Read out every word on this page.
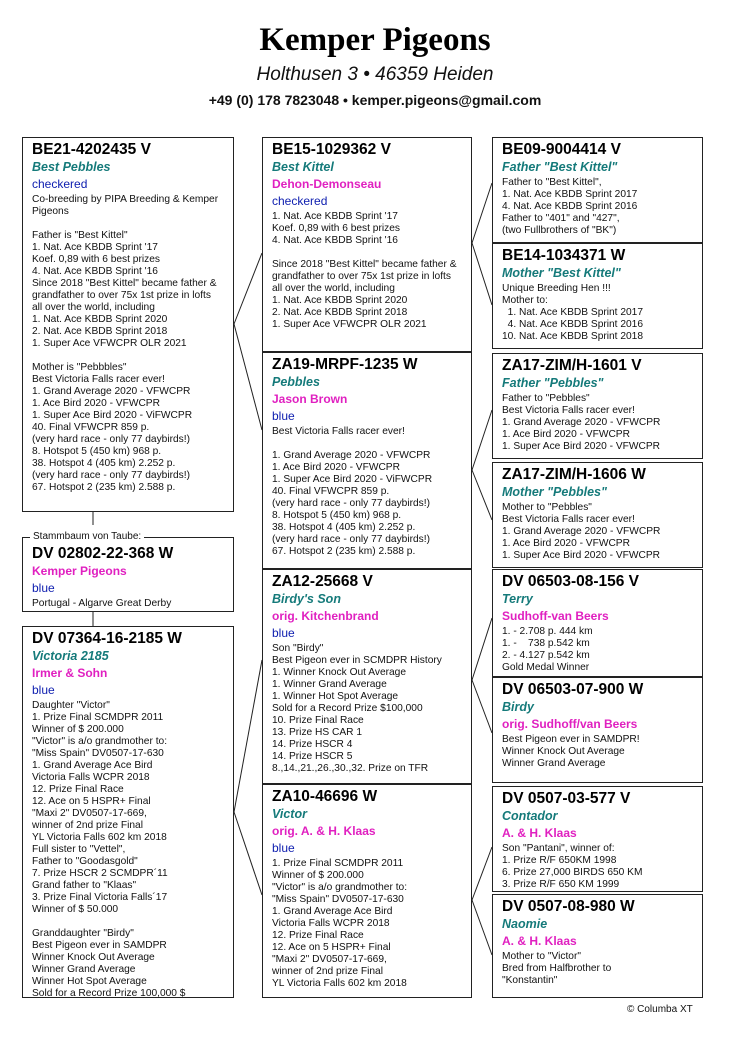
Kemper Pigeons
Holthusen 3 • 46359 Heiden
+49 (0) 178 7823048 • kemper.pigeons@gmail.com
BE21-4202435 V
Best Pebbles
checkered
Co-breeding by PIPA Breeding & Kemper
Pigeons

Father is "Best Kittel"
1. Nat. Ace KBDB Sprint '17
Koef. 0,89 with 6 best prizes
4. Nat. Ace KBDB Sprint '16
Since 2018 "Best Kittel" became father &
grandfather to over 75x 1st prize in lofts
all over the world, including
1. Nat. Ace KBDB Sprint 2020
2. Nat. Ace KBDB Sprint 2018
1. Super Ace VFWCPR OLR 2021

Mother is "Pebbbles"
Best Victoria Falls racer ever!
1. Grand Average 2020 - VFWCPR
1. Ace Bird 2020 - VFWCPR
1. Super Ace Bird 2020 - ViFWCPR
40. Final VFWCPR 859 p.
(very hard race - only 77 daybirds!)
8. Hotspot 5 (450 km) 968 p.
38. Hotspot 4 (405 km) 2.252 p.
(very hard race - only 77 daybirds!)
67. Hotspot 2 (235 km) 2.588 p.
DV 02802-22-368 W
Kemper Pigeons
blue
Portugal - Algarve Great Derby
Stammbaum von Taube:
DV 07364-16-2185 W
Victoria 2185
Irmer & Sohn
blue
Daughter "Victor"
1. Prize Final SCMDPR 2011
Winner of $ 200.000
"Victor" is a/o grandmother to:
"Miss Spain" DV0507-17-630
1. Grand Average Ace Bird
Victoria Falls WCPR 2018
12. Prize Final Race
12. Ace on 5 HSPR+ Final
"Maxi 2" DV0507-17-669,
winner of 2nd prize Final
YL Victoria Falls 602 km 2018
Full sister to "Vettel",
Father to "Goodasgold"
7. Prize HSCR 2 SCMDPR´11
Grand father to "Klaas"
3. Prize Final Victoria Falls´17
Winner of $ 50.000

Granddaughter "Birdy"
Best Pigeon ever in SAMDPR
Winner Knock Out Average
Winner Grand Average
Winner Hot Spot Average
Sold for a Record Prize 100,000 $
BE15-1029362 V
Best Kittel
Dehon-Demonseau
checkered
1. Nat. Ace KBDB Sprint '17
Koef. 0,89 with 6 best prizes
4. Nat. Ace KBDB Sprint '16

Since 2018 "Best Kittel" became father &
grandfather to over 75x 1st prize in lofts
all over the world, including
1. Nat. Ace KBDB Sprint 2020
2. Nat. Ace KBDB Sprint 2018
1. Super Ace VFWCPR OLR 2021
ZA19-MRPF-1235 W
Pebbles
Jason Brown
blue
Best Victoria Falls racer ever!

1. Grand Average 2020 - VFWCPR
1. Ace Bird 2020 - VFWCPR
1. Super Ace Bird 2020 - ViFWCPR
40. Final VFWCPR 859 p.
(very hard race - only 77 daybirds!)
8. Hotspot 5 (450 km) 968 p.
38. Hotspot 4 (405 km) 2.252 p.
(very hard race - only 77 daybirds!)
67. Hotspot 2 (235 km) 2.588 p.
ZA12-25668 V
Birdy's Son
orig. Kitchenbrand
blue
Son "Birdy"
Best Pigeon ever in SCMDPR History
1. Winner Knock Out Average
1. Winner Grand Average
1. Winner Hot Spot Average
Sold for a Record Prize $100,000
10. Prize Final Race
13. Prize HS CAR 1
14. Prize HSCR 4
14. Prize HSCR 5
8.,14.,21.,26.,30.,32. Prize on TFR
ZA10-46696 W
Victor
orig. A. & H. Klaas
blue
1. Prize Final SCMDPR 2011
Winner of $ 200.000
"Victor" is a/o grandmother to:
"Miss Spain" DV0507-17-630
1. Grand Average Ace Bird
Victoria Falls WCPR 2018
12. Prize Final Race
12. Ace on 5 HSPR+ Final
"Maxi 2" DV0507-17-669,
winner of 2nd prize Final
YL Victoria Falls 602 km 2018
BE09-9004414 V
Father "Best Kittel"
Father to "Best Kittel",
1. Nat. Ace KBDB Sprint 2017
4. Nat. Ace KBDB Sprint 2016
Father to "401" and "427",
(two Fullbrothers of "BK")
BE14-1034371 W
Mother "Best Kittel"
Unique Breeding Hen !!!
Mother to:
1. Nat. Ace KBDB Sprint 2017
4. Nat. Ace KBDB Sprint 2016
10. Nat. Ace KBDB Sprint 2018
ZA17-ZIM/H-1601 V
Father "Pebbles"
Father to "Pebbles"
Best Victoria Falls racer ever!
1. Grand Average 2020 - VFWCPR
1. Ace Bird 2020 - VFWCPR
1. Super Ace Bird 2020 - VFWCPR
ZA17-ZIM/H-1606 W
Mother "Pebbles"
Mother to "Pebbles"
Best Victoria Falls racer ever!
1. Grand Average 2020 - VFWCPR
1. Ace Bird 2020 - VFWCPR
1. Super Ace Bird 2020 - VFWCPR
DV 06503-08-156 V
Terry
Sudhoff-van Beers
1. - 2.708 p. 444 km
1. -    738 p.542 km
2. - 4.127 p.542 km
Gold Medal Winner
DV 06503-07-900 W
Birdy
orig. Sudhoff/van Beers
Best Pigeon ever in SAMDPR!
Winner Knock Out Average
Winner Grand Average
DV 0507-03-577 V
Contador
A. & H. Klaas
Son "Pantani", winner of:
1. Prize R/F 650KM 1998
6. Prize 27,000 BIRDS 650 KM
3. Prize R/F 650 KM 1999
DV 0507-08-980 W
Naomie
A. & H. Klaas
Mother to "Victor"
Bred from Halfbrother to
"Konstantin"
© Columba XT
